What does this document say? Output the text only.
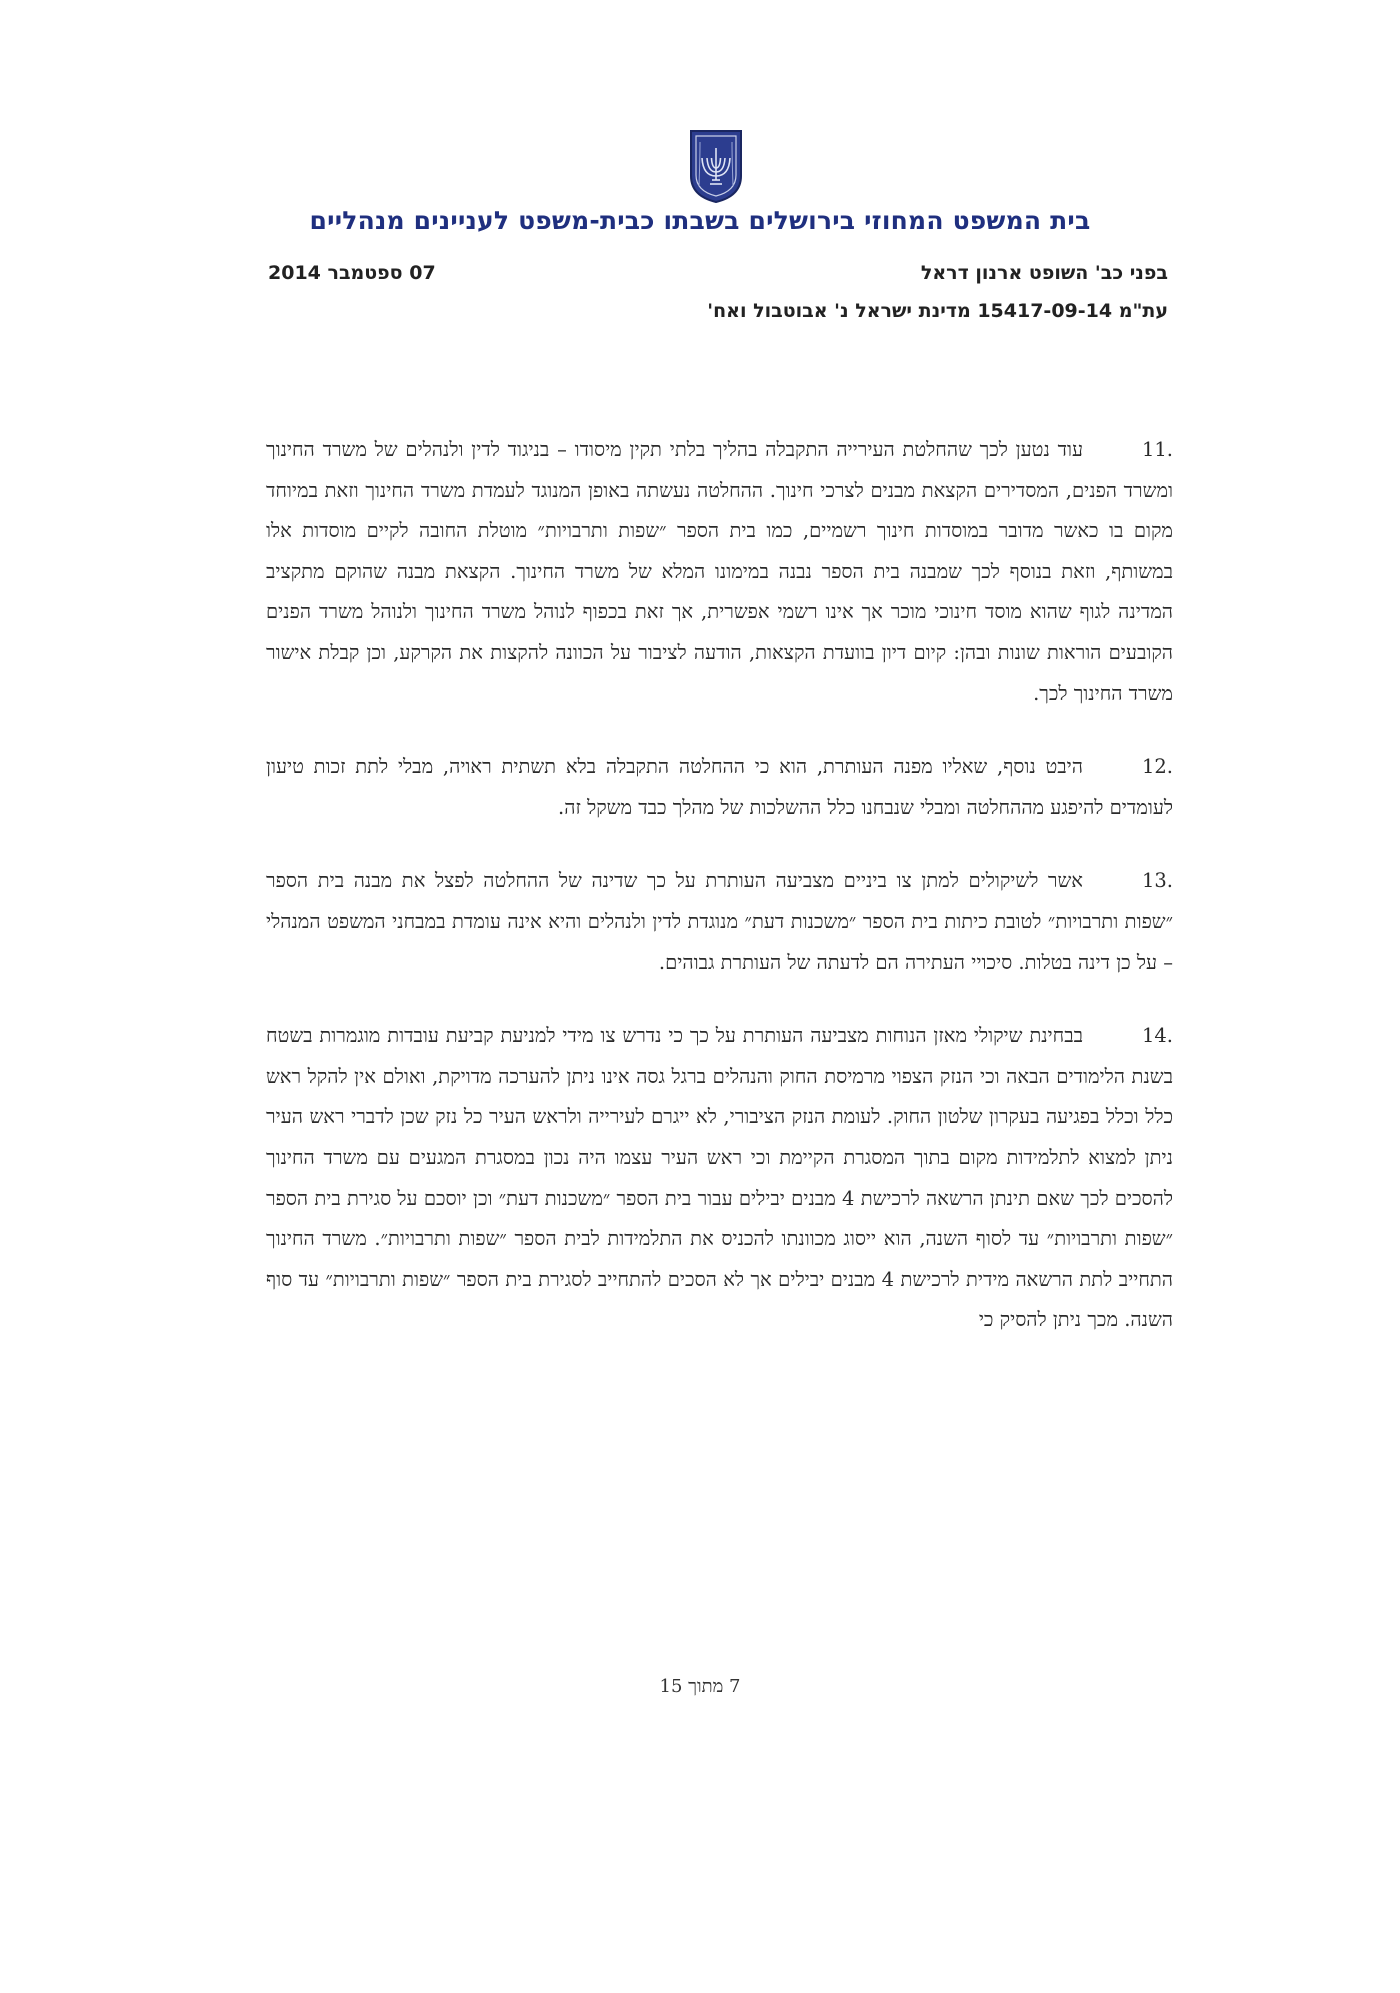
בית המשפט המחוזי בירושלים בשבתו כבית-משפט לעניינים מנהליים
בפני כב' השופט ארנון דראל
07 ספטמבר 2014
עת"מ 15417-09-14 מדינת ישראל נ' אבוטבול ואח'
11.
עוד נטען לכך שהחלטת העירייה התקבלה בהליך בלתי תקין מיסודו – בניגוד לדין ולנהלים של משרד החינוך ומשרד הפנים, המסדירים הקצאת מבנים לצרכי חינוך. ההחלטה נעשתה באופן המנוגד לעמדת משרד החינוך וזאת במיוחד מקום בו כאשר מדובר במוסדות חינוך רשמיים, כמו בית הספר ״שפות ותרבויות״ מוטלת החובה לקיים מוסדות אלו במשותף, וזאת בנוסף לכך שמבנה בית הספר נבנה במימונו המלא של משרד החינוך. הקצאת מבנה שהוקם מתקציב המדינה לגוף שהוא מוסד חינוכי מוכר אך אינו רשמי אפשרית, אך זאת בכפוף לנוהל משרד החינוך ולנוהל משרד הפנים הקובעים הוראות שונות ובהן: קיום דיון בוועדת הקצאות, הודעה לציבור על הכוונה להקצות את הקרקע, וכן קבלת אישור משרד החינוך לכך.
12.
היבט נוסף, שאליו מפנה העותרת, הוא כי ההחלטה התקבלה בלא תשתית ראויה, מבלי לתת זכות טיעון לעומדים להיפגע מההחלטה ומבלי שנבחנו כלל ההשלכות של מהלך כבד משקל זה.
13.
אשר לשיקולים למתן צו ביניים מצביעה העותרת על כך שדינה של ההחלטה לפצל את מבנה בית הספר ״שפות ותרבויות״ לטובת כיתות בית הספר ״משכנות דעת״ מנוגדת לדין ולנהלים והיא אינה עומדת במבחני המשפט המנהלי – על כן דינה בטלות. סיכויי העתירה הם לדעתה של העותרת גבוהים.
14.
בבחינת שיקולי מאזן הנוחות מצביעה העותרת על כך כי נדרש צו מידי למניעת קביעת עובדות מוגמרות בשטח בשנת הלימודים הבאה וכי הנזק הצפוי מרמיסת החוק והנהלים ברגל גסה אינו ניתן להערכה מדויקת, ואולם אין להקל ראש כלל וכלל בפגיעה בעקרון שלטון החוק. לעומת הנזק הציבורי, לא ייגרם לעירייה ולראש העיר כל נזק שכן לדברי ראש העיר ניתן למצוא לתלמידות מקום בתוך המסגרת הקיימת וכי ראש העיר עצמו היה נכון במסגרת המגעים עם משרד החינוך להסכים לכך שאם תינתן הרשאה לרכישת 4 מבנים יבילים עבור בית הספר ״משכנות דעת״ וכן יוסכם על סגירת בית הספר ״שפות ותרבויות״ עד לסוף השנה, הוא ייסוג מכוונתו להכניס את התלמידות לבית הספר ״שפות ותרבויות״. משרד החינוך התחייב לתת הרשאה מידית לרכישת 4 מבנים יבילים אך לא הסכים להתחייב לסגירת בית הספר ״שפות ותרבויות״ עד סוף השנה. מכך ניתן להסיק כי
7 מתוך 15
